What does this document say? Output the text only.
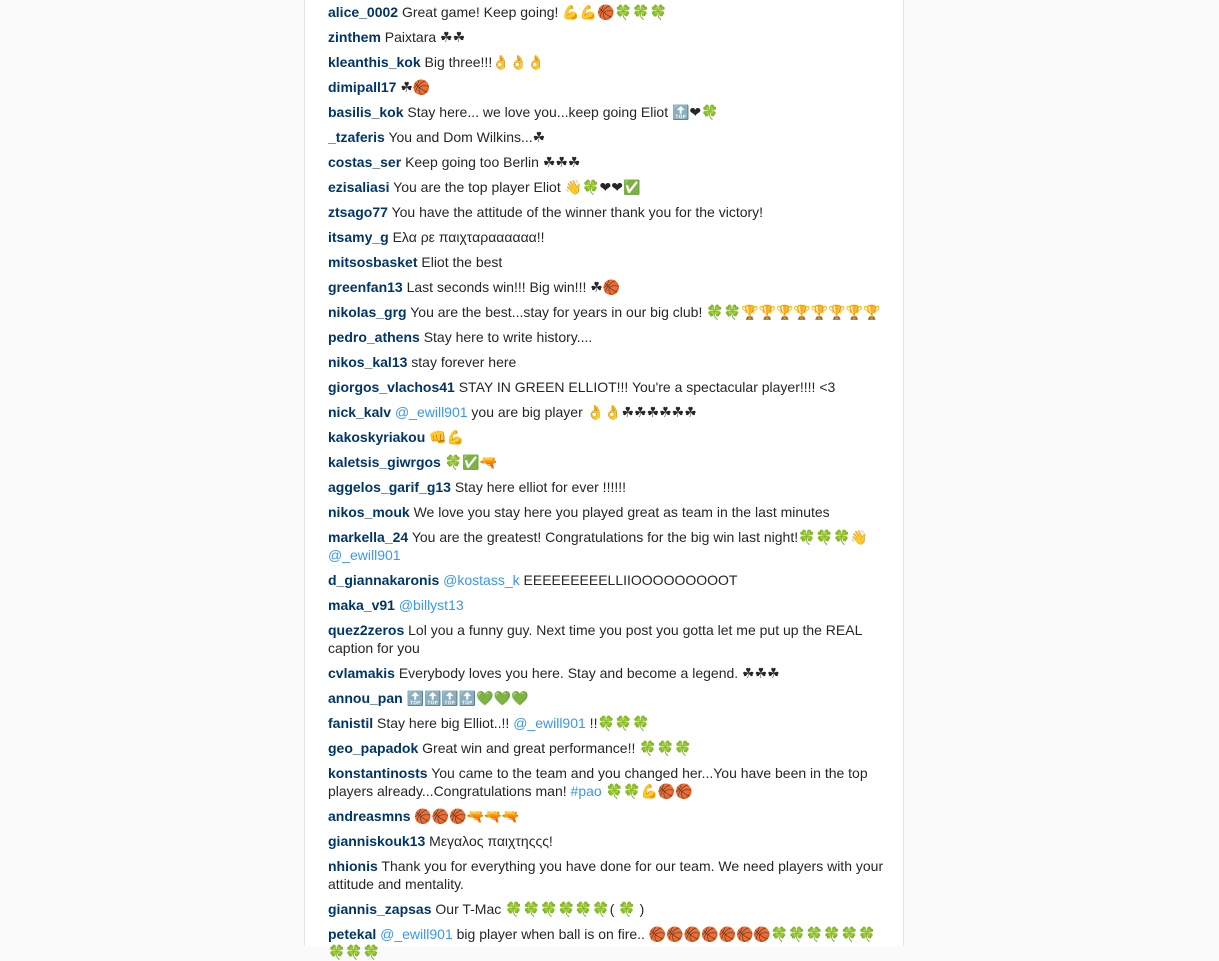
alice_0002 Great game! Keep going! 💪💪🏀🍀🍀🍀
zinthem Paixtara ☘☘
kleanthis_kok Big three!!!👌👌👌
dimipall17 ☘🏀
basilis_kok Stay here... we love you...keep going Eliot 🔝❤🍀
_tzaferis You and Dom Wilkins...☘
costas_ser Keep going too Berlin ☘☘☘
ezisaliasi You are the top player Eliot 👋🍀❤❤✅
ztsago77 You have the attitude of the winner thank you for the victory!
itsamy_g Ελα ρε παιχταραααααα!!
mitsosbasket Eliot the best
greenfan13 Last seconds win!!! Big win!!! ☘🏀
nikolas_grg You are the best...stay for years in our big club! 🍀🍀🏆🏆🏆🏆🏆🏆🏆🏆
pedro_athens Stay here to write history....
nikos_kal13 stay forever here
giorgos_vlachos41 STAY IN GREEN ELLIOT!!! You're a spectacular player!!!! <3
nick_kalv @_ewill901 you are big player 👌👌☘☘☘☘☘☘
kakoskyriakou 👊💪
kaletsis_giwrgos 🍀✅🔫
aggelos_garif_g13 Stay here elliot for ever !!!!!!
nikos_mouk We love you stay here you played great as team in the last minutes
markella_24 You are the greatest! Congratulations for the big win last night!🍀🍀🍀👋 @_ewill901
d_giannakaronis @kostass_k EEEEEEEEELLIIOOOOOOOOOT
maka_v91 @billyst13
quez2zeros Lol you a funny guy. Next time you post you gotta let me put up the REAL caption for you
cvlamakis Everybody loves you here. Stay and become a legend. ☘☘☘
annou_pan 🔝🔝🔝🔝💚💚💚
fanistil Stay here big Elliot..!! @_ewill901 !!🍀🍀🍀
geo_papadok Great win and great performance!! 🍀🍀🍀
konstantinosts You came to the team and you changed her...You have been in the top players already...Congratulations man! #pao 🍀🍀💪🏀🏀
andreasmns 🏀🏀🏀🔫🔫🔫
gianniskouk13 Μεγαλος παιχτηςςς!
nhionis Thank you for everything you have done for our team. We need players with your attitude and mentality.
giannis_zapsas Our T-Mac 🍀🍀🍀🍀🍀🍀( 🍀 )
petekal @_ewill901 big player when ball is on fire.. 🏀🏀🏀🏀🏀🏀🏀🍀🍀🍀🍀🍀🍀🍀🍀🍀
